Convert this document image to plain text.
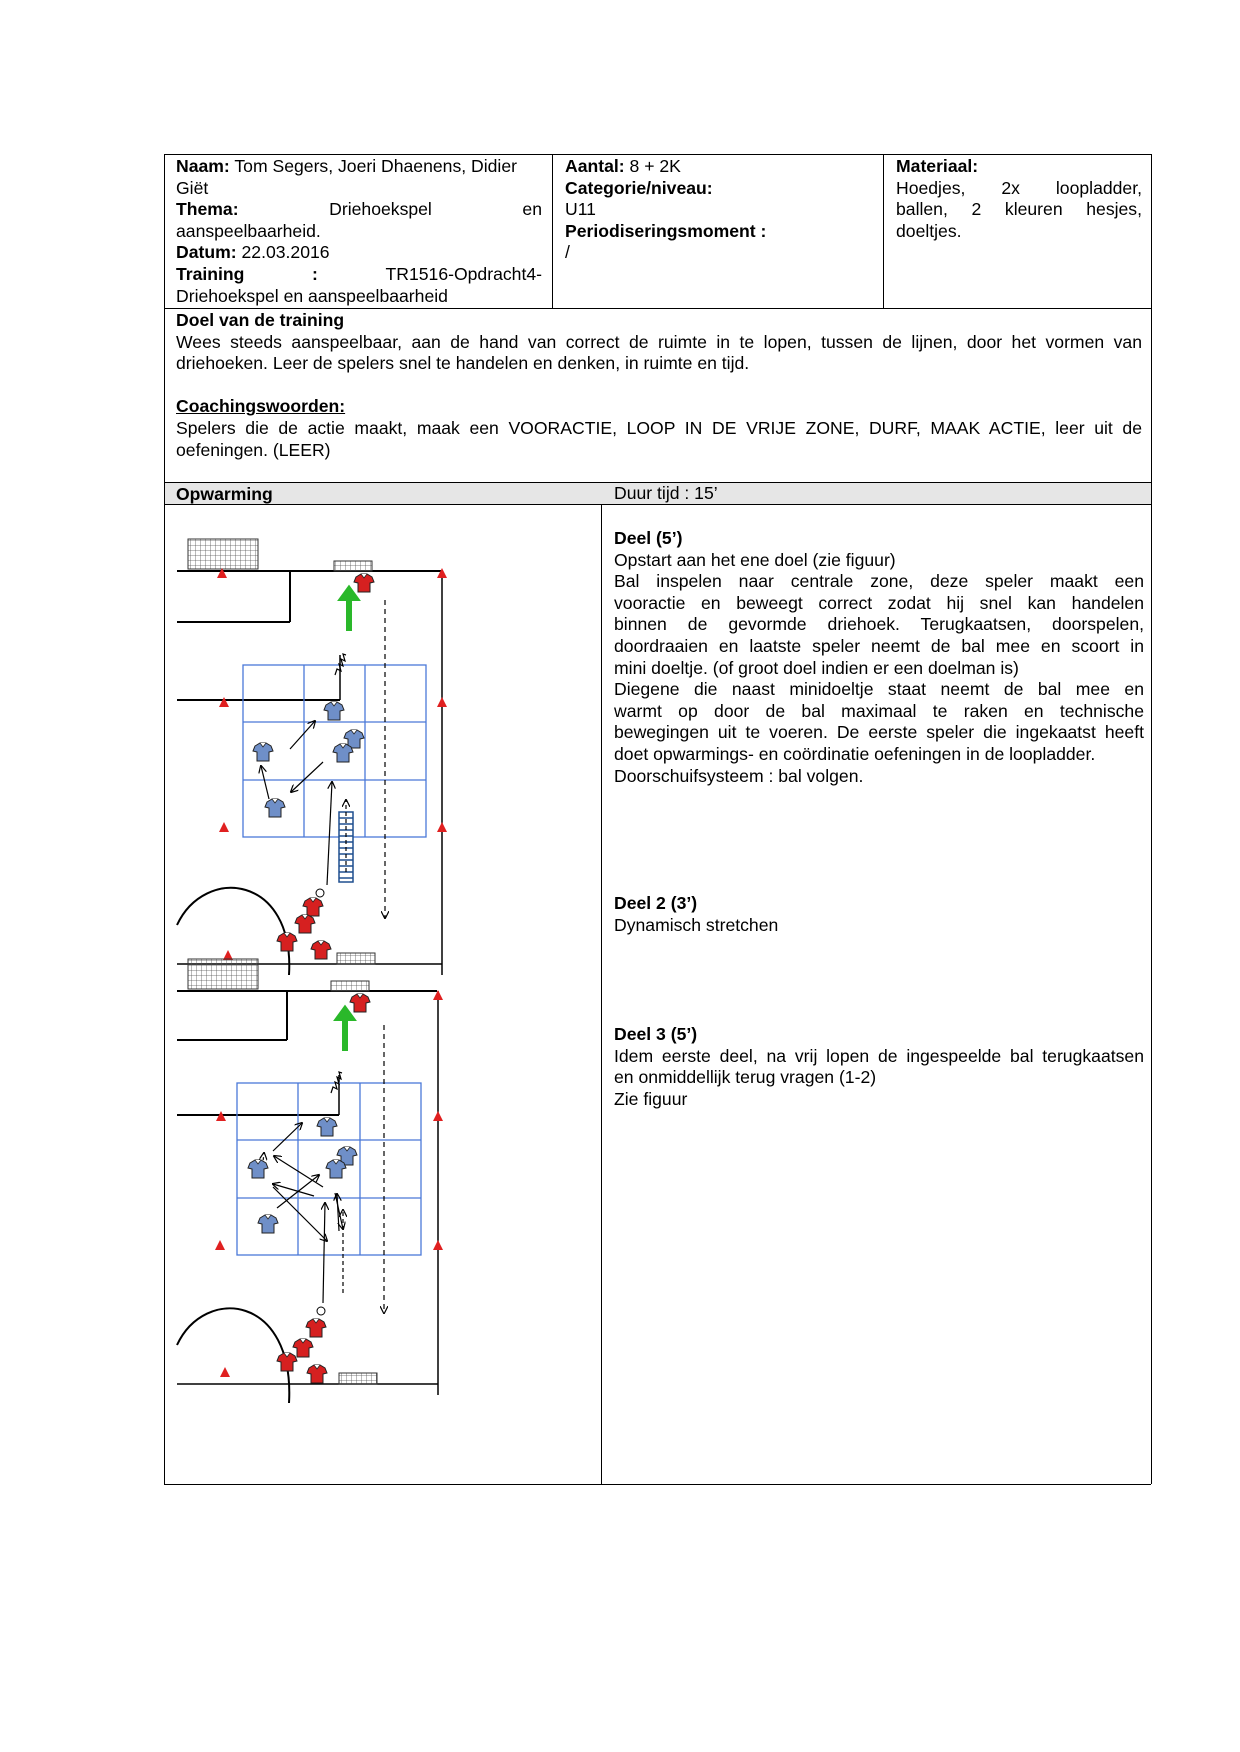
Naam: Tom Segers, Joeri Dhaenens, Didier
Giët
Thema:	Driehoekspel	en
aanspeelbaarheid.
Datum: 22.03.2016
Training	:	TR1516-Opdracht4-
Driehoekspel en aanspeelbaarheid
Aantal: 8 + 2K
Categorie/niveau:
U11
Periodiseringsmoment :
/
Materiaal:
Hoedjes, 2x loopladder,
ballen, 2 kleuren hesjes,
doeltjes.
Doel van de training
Wees steeds aanspeelbaar, aan de hand van correct de ruimte in te lopen, tussen de lijnen, door het vormen van
driehoeken. Leer de spelers snel te handelen en denken, in ruimte en tijd.
Coachingswoorden:
Spelers die de actie maakt, maak een VOORACTIE, LOOP IN DE VRIJE ZONE, DURF, MAAK ACTIE, leer uit de
oefeningen. (LEER)
Opwarming	Duur tijd : 15’
Deel (5’)
Opstart aan het ene doel (zie figuur)
Bal inspelen naar centrale zone, deze speler maakt een
vooractie en beweegt correct zodat hij snel kan handelen
binnen de gevormde driehoek. Terugkaatsen, doorspelen,
doordraaien en laatste speler neemt de bal mee en scoort in
mini doeltje. (of groot doel indien er een doelman is)
Diegene die naast minidoeltje staat neemt de bal mee en
warmt op door de bal maximaal te raken en technische
bewegingen uit te voeren. De eerste speler die ingekaatst heeft
doet opwarmings- en coördinatie oefeningen in de loopladder.
Doorschuifsysteem : bal volgen.
Deel 2 (3’)
Dynamisch stretchen
Deel 3 (5’)
Idem eerste deel, na vrij lopen de ingespeelde bal terugkaatsen
en onmiddellijk terug vragen (1-2)
Zie figuur
